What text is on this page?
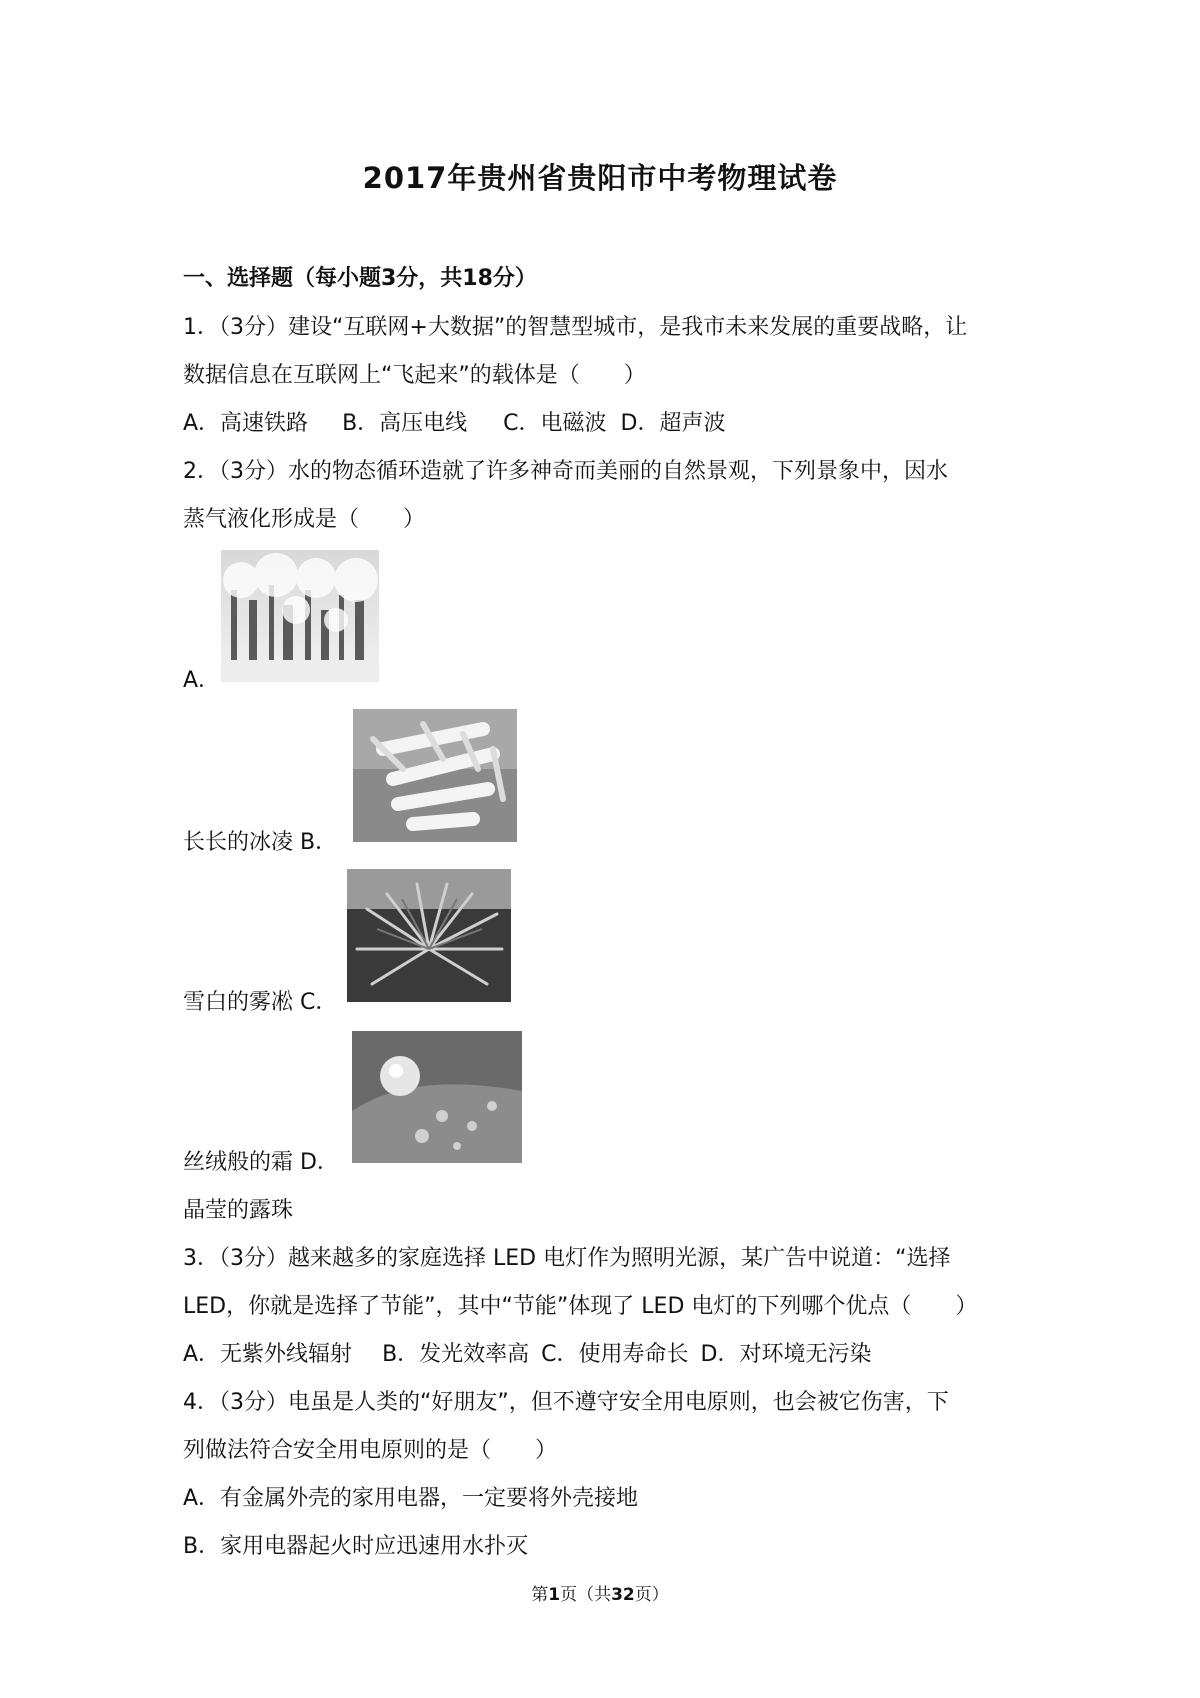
2017年贵州省贵阳市中考物理试卷
一、选择题（每小题3分，共18分）
1．（3分）建设“互联网+大数据”的智慧型城市，是我市未来发展的重要战略，让
数据信息在互联网上“飞起来”的载体是（　　）
A．高速铁路 B．高压电线 C．电磁波 D．超声波
2．（3分）水的物态循环造就了许多神奇而美丽的自然景观，下列景象中，因水
蒸气液化形成是（　　）
A．
长长的冰凌 B．
雪白的雾凇 C．
丝绒般的霜 D．
晶莹的露珠
3．（3分）越来越多的家庭选择 LED 电灯作为照明光源，某广告中说道：“选择
LED，你就是选择了节能”，其中“节能”体现了 LED 电灯的下列哪个优点（　　）
A．无紫外线辐射 B．发光效率高 C．使用寿命长 D．对环境无污染
4．（3分）电虽是人类的“好朋友”，但不遵守安全用电原则，也会被它伤害，下
列做法符合安全用电原则的是（　　）
A．有金属外壳的家用电器，一定要将外壳接地
B．家用电器起火时应迅速用水扑灭
第1页（共32页）
